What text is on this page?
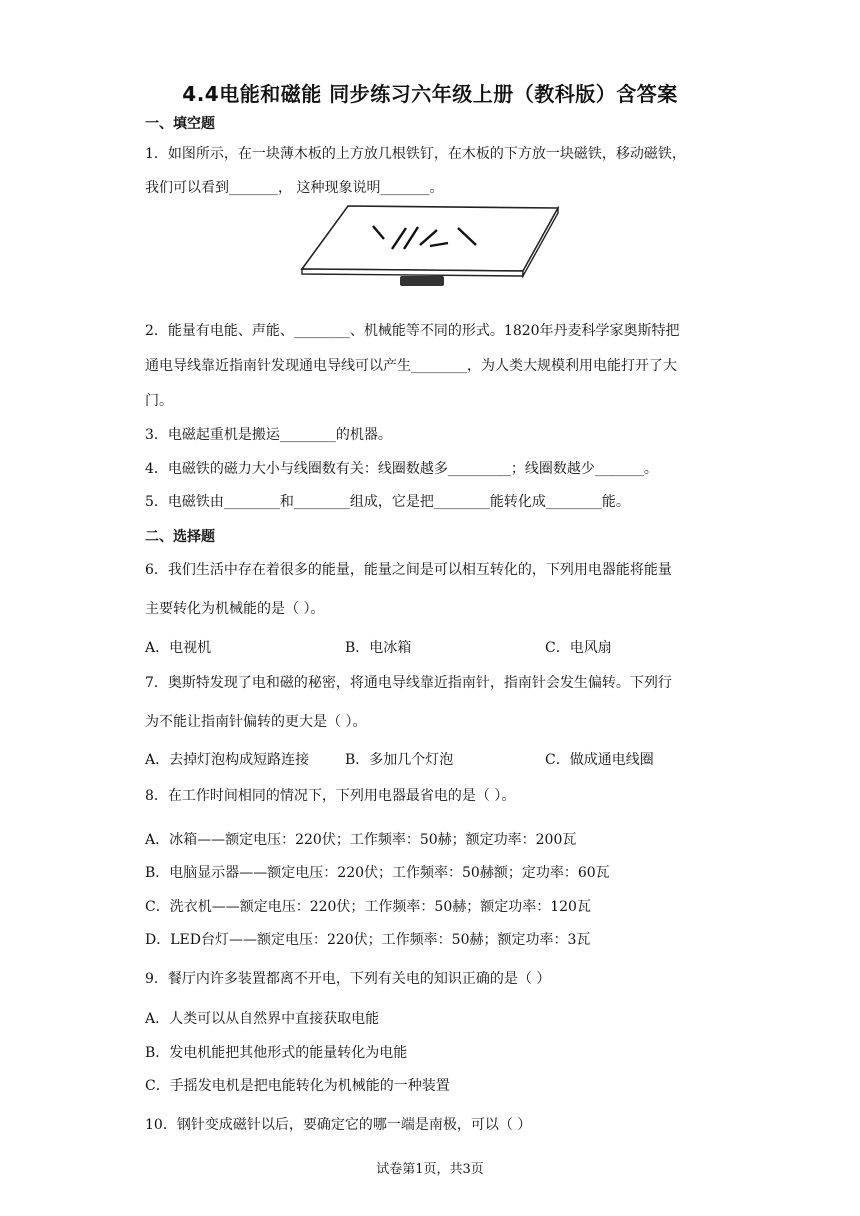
4.4电能和磁能 同步练习六年级上册（教科版）含答案
一、填空题
1．如图所示，在一块薄木板的上方放几根铁钉，在木板的下方放一块磁铁，移动磁铁，
我们可以看到_______， 这种现象说明_______。
2．能量有电能、声能、________、机械能等不同的形式。1820年丹麦科学家奥斯特把
通电导线靠近指南针发现通电导线可以产生________，为人类大规模利用电能打开了大
门。
3．电磁起重机是搬运________的机器。
4．电磁铁的磁力大小与线圈数有关：线圈数越多_________；线圈数越少_______。
5．电磁铁由________和________组成，它是把________能转化成________能。
二、选择题
6．我们生活中存在着很多的能量，能量之间是可以相互转化的，下列用电器能将能量
主要转化为机械能的是（ ）。
A．电视机	B．电冰箱	C．电风扇
7．奥斯特发现了电和磁的秘密，将通电导线靠近指南针，指南针会发生偏转。下列行
为不能让指南针偏转的更大是（ ）。
A．去掉灯泡构成短路连接	B．多加几个灯泡	C．做成通电线圈
8．在工作时间相同的情况下，下列用电器最省电的是（ ）。
A．冰箱——额定电压：220伏；工作频率：50赫；额定功率：200瓦
B．电脑显示器——额定电压：220伏；工作频率：50赫额；定功率：60瓦
C．洗衣机——额定电压：220伏；工作频率：50赫；额定功率：120瓦
D．LED台灯——额定电压：220伏；工作频率：50赫；额定功率：3瓦
9．餐厅内许多装置都离不开电，下列有关电的知识正确的是（ ）
A．人类可以从自然界中直接获取电能
B．发电机能把其他形式的能量转化为电能
C．手摇发电机是把电能转化为机械能的一种装置
10．钢针变成磁针以后，要确定它的哪一端是南极，可以（ ）
试卷第1页，共3页
